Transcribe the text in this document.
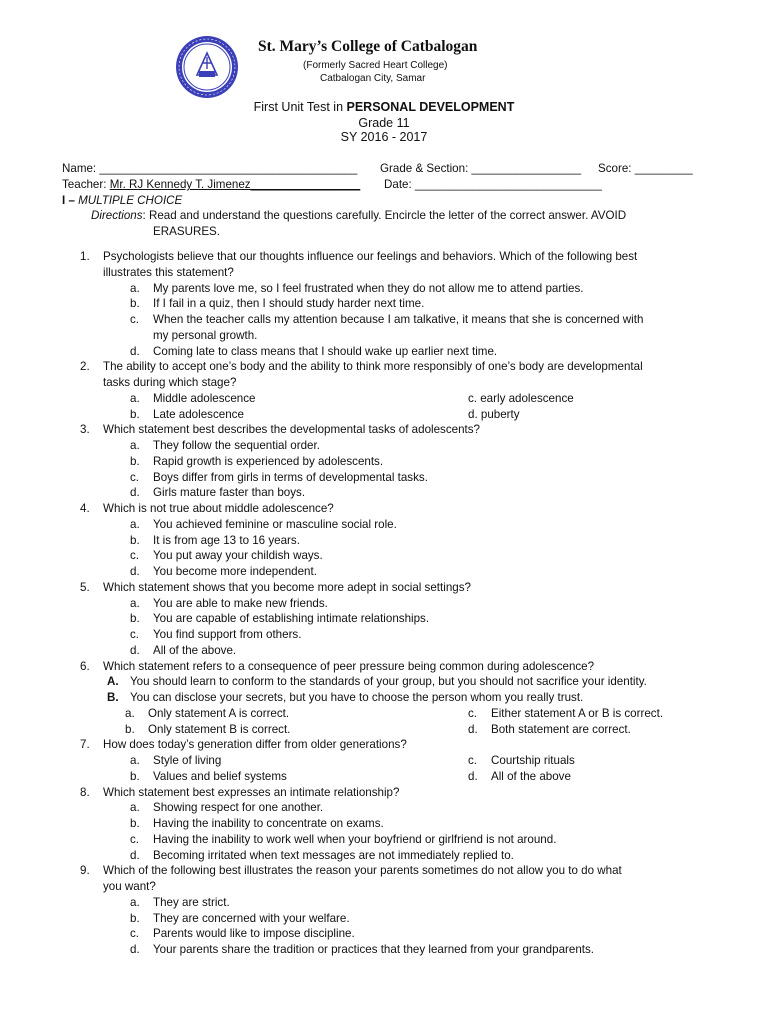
St. Mary’s College of Catbalogan
(Formerly Sacred Heart College)
Catbalogan City, Samar
First Unit Test in PERSONAL DEVELOPMENT
Grade 11
SY 2016 - 2017
Name: ________________________________________ Grade & Section: _________________ Score: _________
Teacher: Mr. RJ Kennedy T. Jimenez_________________ Date: _____________________________
I – MULTIPLE CHOICE
Directions: Read and understand the questions carefully. Encircle the letter of the correct answer. AVOID
ERASURES.
1. Psychologists believe that our thoughts influence our feelings and behaviors. Which of the following best
illustrates this statement?
a. My parents love me, so I feel frustrated when they do not allow me to attend parties.
b. If I fail in a quiz, then I should study harder next time.
c. When the teacher calls my attention because I am talkative, it means that she is concerned with
my personal growth.
d. Coming late to class means that I should wake up earlier next time.
2. The ability to accept one’s body and the ability to think more responsibly of one’s body are developmental
tasks during which stage?
a. Middle adolescence	c. early adolescence
b. Late adolescence	d. puberty
3. Which statement best describes the developmental tasks of adolescents?
a. They follow the sequential order.
b. Rapid growth is experienced by adolescents.
c. Boys differ from girls in terms of developmental tasks.
d. Girls mature faster than boys.
4. Which is not true about middle adolescence?
a. You achieved feminine or masculine social role.
b. It is from age 13 to 16 years.
c. You put away your childish ways.
d. You become more independent.
5. Which statement shows that you become more adept in social settings?
a. You are able to make new friends.
b. You are capable of establishing intimate relationships.
c. You find support from others.
d. All of the above.
6. Which statement refers to a consequence of peer pressure being common during adolescence?
A. You should learn to conform to the standards of your group, but you should not sacrifice your identity.
B. You can disclose your secrets, but you have to choose the person whom you really trust.
a. Only statement A is correct.	c. Either statement A or B is correct.
b. Only statement B is correct.	d. Both statement are correct.
7. How does today’s generation differ from older generations?
a. Style of living	c. Courtship rituals
b. Values and belief systems	d. All of the above
8. Which statement best expresses an intimate relationship?
a. Showing respect for one another.
b. Having the inability to concentrate on exams.
c. Having the inability to work well when your boyfriend or girlfriend is not around.
d. Becoming irritated when text messages are not immediately replied to.
9. Which of the following best illustrates the reason your parents sometimes do not allow you to do what
you want?
a. They are strict.
b. They are concerned with your welfare.
c. Parents would like to impose discipline.
d. Your parents share the tradition or practices that they learned from your grandparents.
